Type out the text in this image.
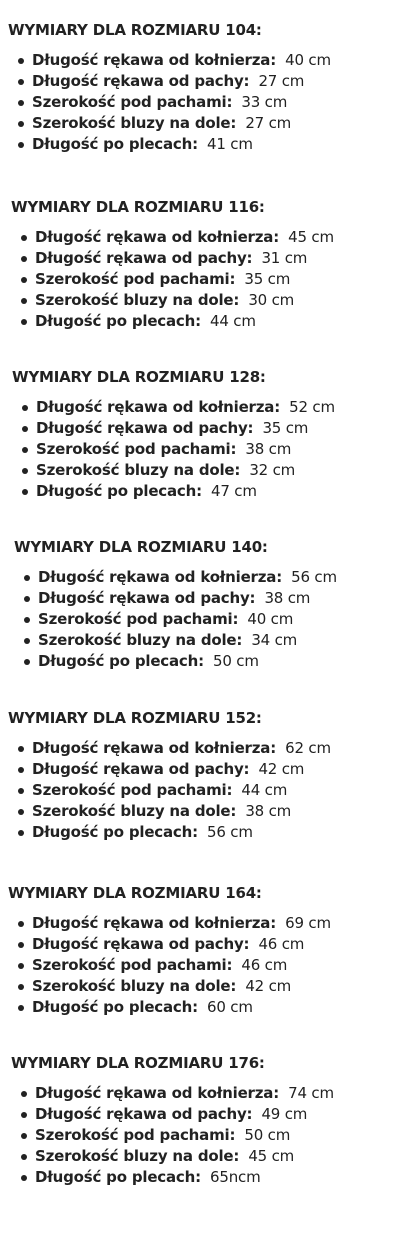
WYMIARY DLA ROZMIARU 104:
Długość rękawa od kołnierza: 40 cm
Długość rękawa od pachy: 27 cm
Szerokość pod pachami: 33 cm
Szerokość bluzy na dole: 27 cm
Długość po plecach: 41 cm
WYMIARY DLA ROZMIARU 116:
Długość rękawa od kołnierza: 45 cm
Długość rękawa od pachy: 31 cm
Szerokość pod pachami: 35 cm
Szerokość bluzy na dole: 30 cm
Długość po plecach: 44 cm
WYMIARY DLA ROZMIARU 128:
Długość rękawa od kołnierza: 52 cm
Długość rękawa od pachy: 35 cm
Szerokość pod pachami: 38 cm
Szerokość bluzy na dole: 32 cm
Długość po plecach: 47 cm
WYMIARY DLA ROZMIARU 140:
Długość rękawa od kołnierza: 56 cm
Długość rękawa od pachy: 38 cm
Szerokość pod pachami: 40 cm
Szerokość bluzy na dole: 34 cm
Długość po plecach: 50 cm
WYMIARY DLA ROZMIARU 152:
Długość rękawa od kołnierza: 62 cm
Długość rękawa od pachy: 42 cm
Szerokość pod pachami: 44 cm
Szerokość bluzy na dole: 38 cm
Długość po plecach: 56 cm
WYMIARY DLA ROZMIARU 164:
Długość rękawa od kołnierza: 69 cm
Długość rękawa od pachy: 46 cm
Szerokość pod pachami: 46 cm
Szerokość bluzy na dole: 42 cm
Długość po plecach: 60 cm
WYMIARY DLA ROZMIARU 176:
Długość rękawa od kołnierza: 74 cm
Długość rękawa od pachy: 49 cm
Szerokość pod pachami: 50 cm
Szerokość bluzy na dole: 45 cm
Długość po plecach: 65ncm
